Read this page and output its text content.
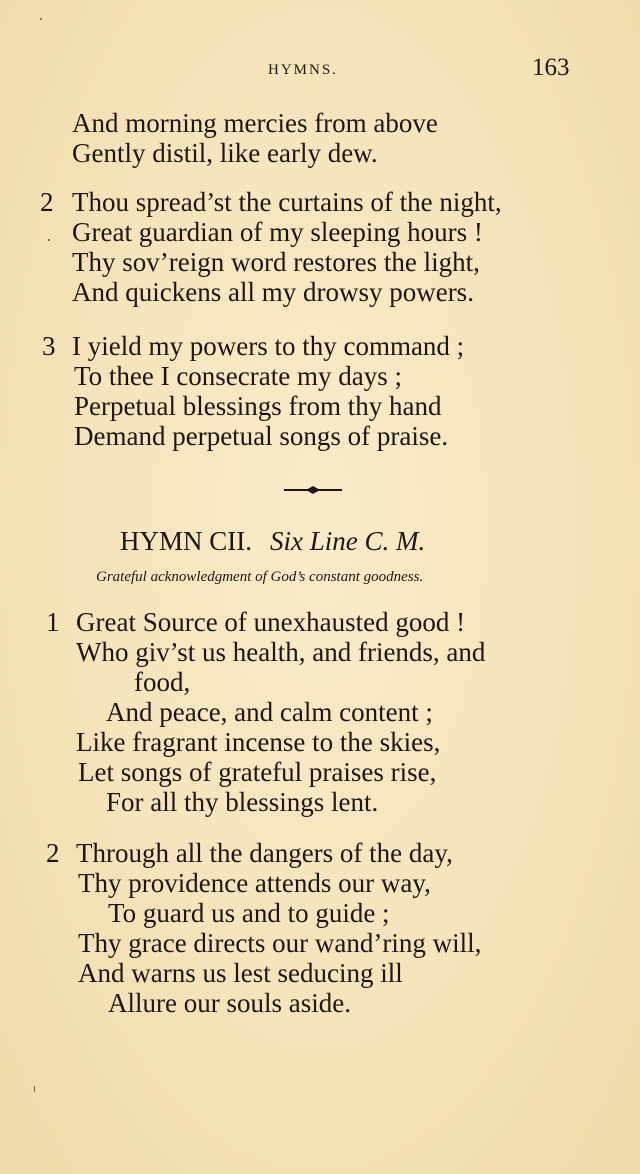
HYMNS.	163
And morning mercies from above
Gently distil, like early dew.
2 Thou spread’st the curtains of the night,
Great guardian of my sleeping hours !
Thy sov’reign word restores the light,
And quickens all my drowsy powers.
3 I yield my powers to thy command ;
To thee I consecrate my days ;
Perpetual blessings from thy hand
Demand perpetual songs of praise.
HYMN CII. Six Line C. M.
Grateful acknowledgment of God’s constant goodness.
1 Great Source of unexhausted good !
Who giv’st us health, and friends, and
food,
And peace, and calm content ;
Like fragrant incense to the skies,
Let songs of grateful praises rise,
For all thy blessings lent.
2 Through all the dangers of the day,
Thy providence attends our way,
To guard us and to guide ;
Thy grace directs our wand’ring will,
And warns us lest seducing ill
Allure our souls aside.
